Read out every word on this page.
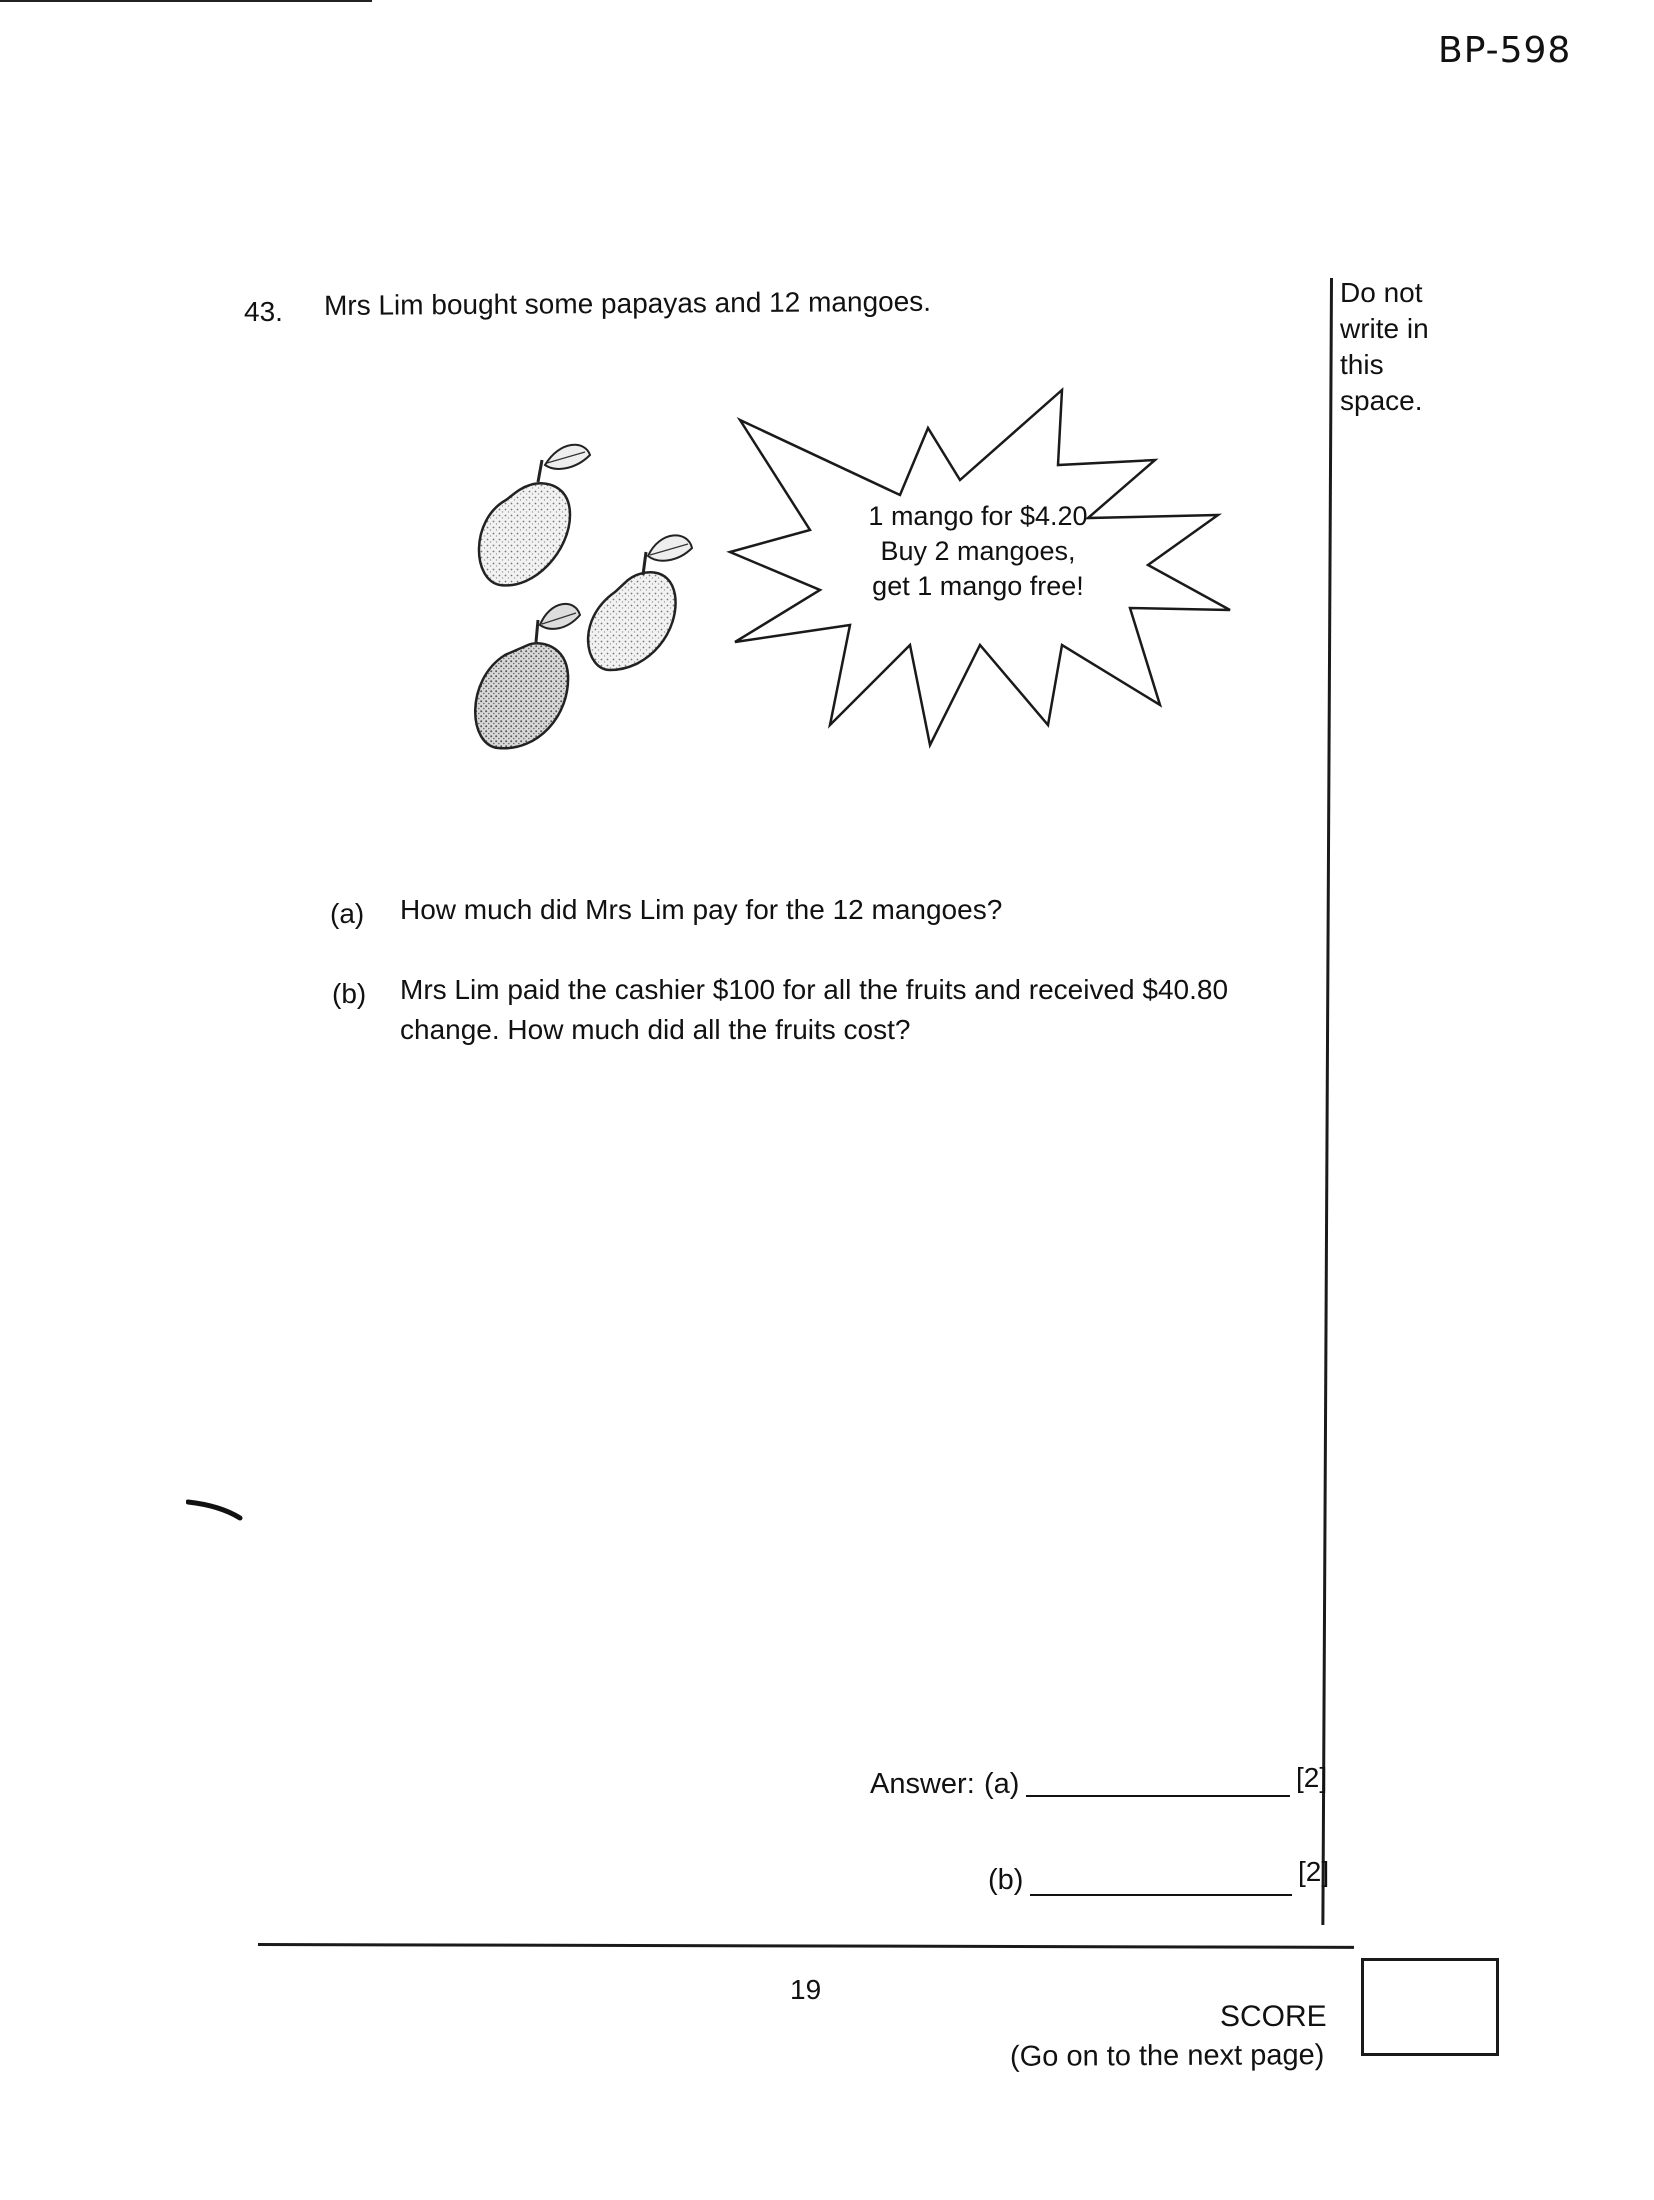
BP-598
Do not write in this space.
43. Mrs Lim bought some papayas and 12 mangoes.
1 mango for $4.20
Buy 2 mangoes,
get 1 mango free!
(a) How much did Mrs Lim pay for the 12 mangoes?
(b) Mrs Lim paid the cashier $100 for all the fruits and received $40.80
change. How much did all the fruits cost?
Answer: (a)	[2]
(b)	[2]
19
SCORE
(Go on to the next page)
